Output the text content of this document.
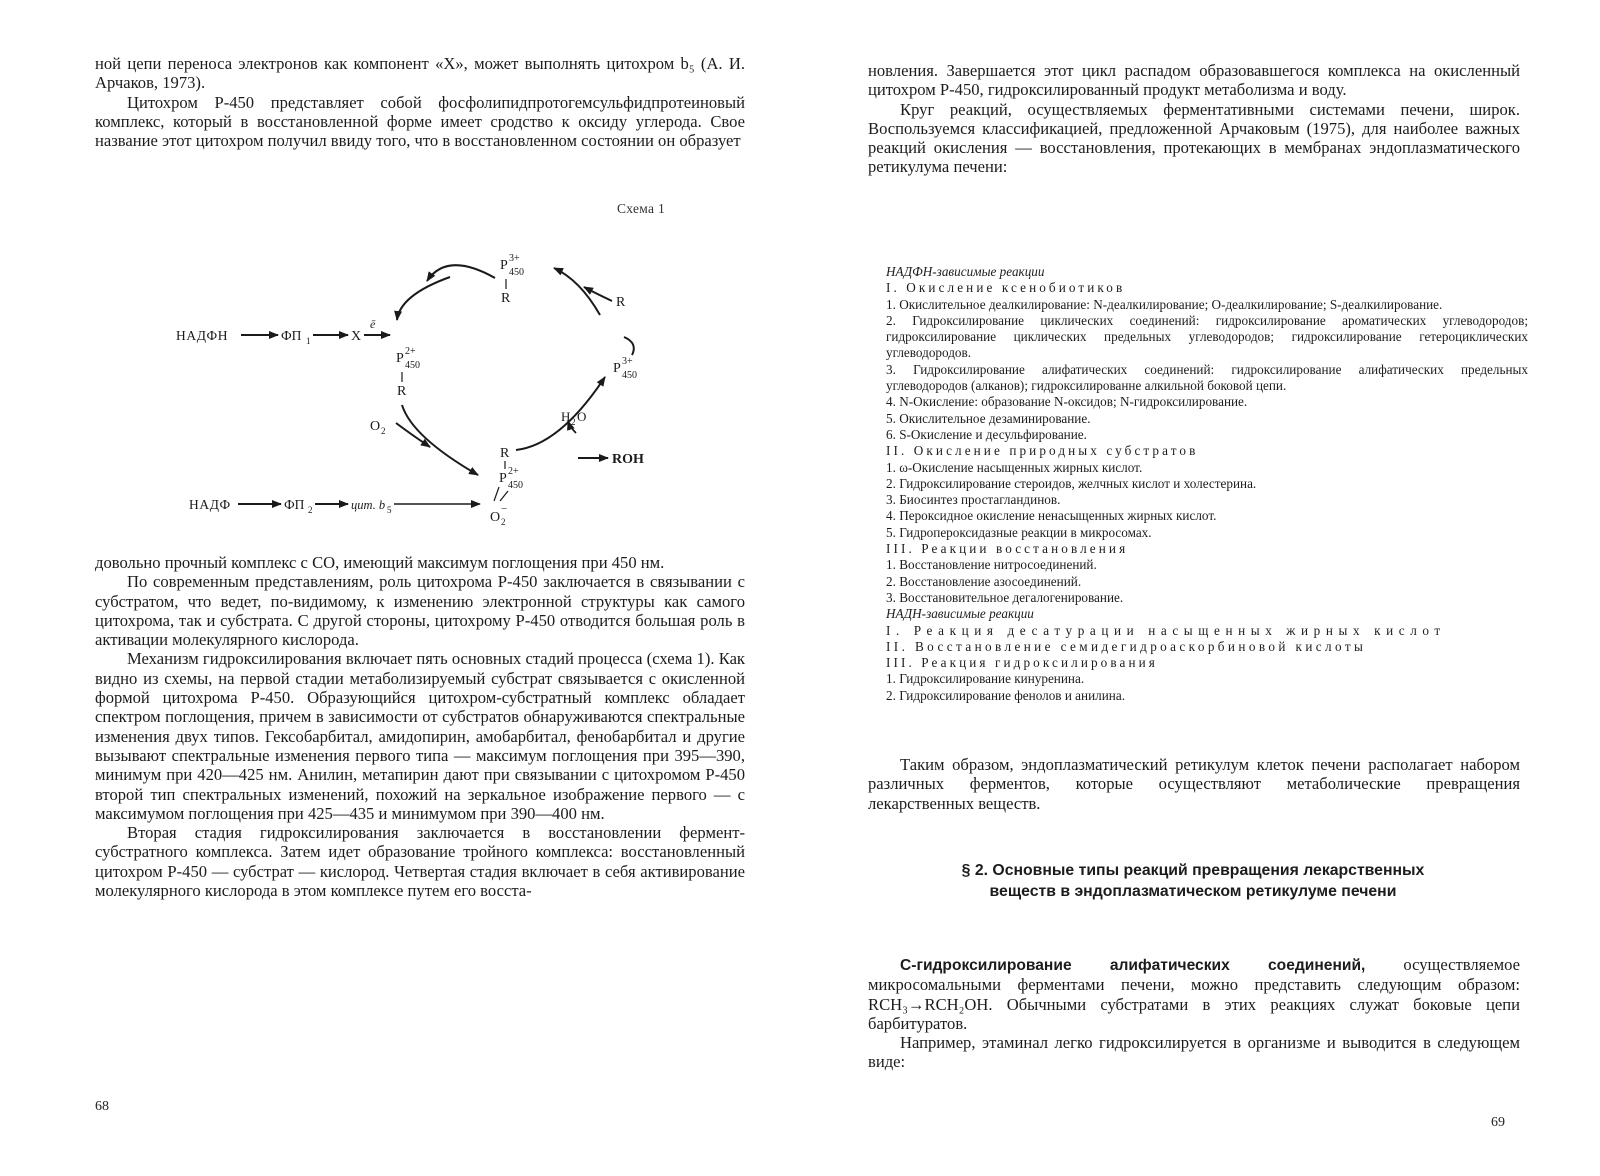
ной цепи переноса электронов как компонент «X», может выполнять цитохром b₅ (А. И. Арчаков, 1973).

Цитохром Р-450 представляет собой фосфолипидпротогемсульфидпротеиновый комплекс, который в восстановленной форме имеет сродство к оксиду углерода. Свое название этот цитохром получил ввиду того, что в восстановленном состоянии он образует

Схема 1
P 3+
450
R	R
P 3+
450
P 2+
450
R
O 2
H 2 O
ROH
R
P 2+
450
O 2
−
НАДФН	ФП 1	X
ē
НАДФ	ФП 2	цит. b 5

довольно прочный комплекс с CO, имеющий максимум поглощения при 450 нм.

По современным представлениям, роль цитохрома Р-450 заключается в связывании с субстратом, что ведет, по-видимому, к изменению электронной структуры как самого цитохрома, так и субстрата. С другой стороны, цитохрому Р-450 отводится большая роль в активации молекулярного кислорода.

Механизм гидроксилирования включает пять основных стадий процесса (схема 1). Как видно из схемы, на первой стадии метаболизируемый субстрат связывается с окисленной формой цитохрома Р-450. Образующийся цитохром-субстратный комплекс обладает спектром поглощения, причем в зависимости от субстратов обнаруживаются спектральные изменения двух типов. Гексобарбитал, амидопирин, амобарбитал, фенобарбитал и другие вызывают спектральные изменения первого типа — максимум поглощения при 395—390, минимум при 420—425 нм. Анилин, метапирин дают при связывании с цитохромом Р-450 второй тип спектральных изменений, похожий на зеркальное изображение первого — с максимумом поглощения при 425—435 и минимумом при 390—400 нм.

Вторая стадия гидроксилирования заключается в восстановлении фермент-субстратного комплекса. Затем идет образование тройного комплекса: восстановленный цитохром Р-450 — субстрат — кислород. Четвертая стадия включает в себя активирование молекулярного кислорода в этом комплексе путем его восста-

68

новления. Завершается этот цикл распадом образовавшегося комплекса на окисленный цитохром Р-450, гидроксилированный продукт метаболизма и воду.

Круг реакций, осуществляемых ферментативными системами печени, широк. Воспользуемся классификацией, предложенной Арчаковым (1975), для наиболее важных реакций окисления — восстановления, протекающих в мембранах эндоплазматического ретикулума печени:

НАДФН-зависимые реакции

I. Окисление ксенобиотиков

1. Окислительное деалкилирование: N-деалкилирование; О-деалкилирование; S-деалкилирование.

2. Гидроксилирование циклических соединений: гидроксилирование ароматических углеводородов; гидроксилирование циклических предельных углеводородов; гидроксилирование гетероциклических углеводородов.

3. Гидроксилирование алифатических соединений: гидроксилирование алифатических предельных углеводородов (алканов); гидроксилированне алкильной боковой цепи.

4. N-Окисление: образование N-оксидов; N-гидроксилирование.

5. Окислительное дезаминирование.

6. S-Окисление и десульфирование.

II. Окисление природных субстратов

1. ω-Окисление насыщенных жирных кислот.

2. Гидроксилирование стероидов, желчных кислот и холестерина.

3. Биосинтез простагландинов.

4. Пероксидное окисление ненасыщенных жирных кислот.

5. Гидропероксидазные реакции в микросомах.

III. Реакции восстановления

1. Восстановление нитросоединений.

2. Восстановление азосоединений.

3. Восстановительное дегалогенирование.

НАДН-зависимые реакции

I. Реакция десатурации насыщенных жирных кислот

II. Восстановление семидегидроаскорбиновой кислоты

III. Реакция гидроксилирования

1. Гидроксилирование кинуренина.

2. Гидроксилирование фенолов и анилина.

Таким образом, эндоплазматический ретикулум клеток печени располагает набором различных ферментов, которые осуществляют метаболические превращения лекарственных веществ.

§ 2. Основные типы реакций превращения лекарственных веществ в эндоплазматическом ретикулуме печени

С-гидроксилирование алифатических соединений, осуществляемое микросомальными ферментами печени, можно представить следующим образом: RCH₃→RCH₂OH. Обычными субстратами в этих реакциях служат боковые цепи барбитуратов.

Например, этаминал легко гидроксилируется в организме и выводится в следующем виде:

69
